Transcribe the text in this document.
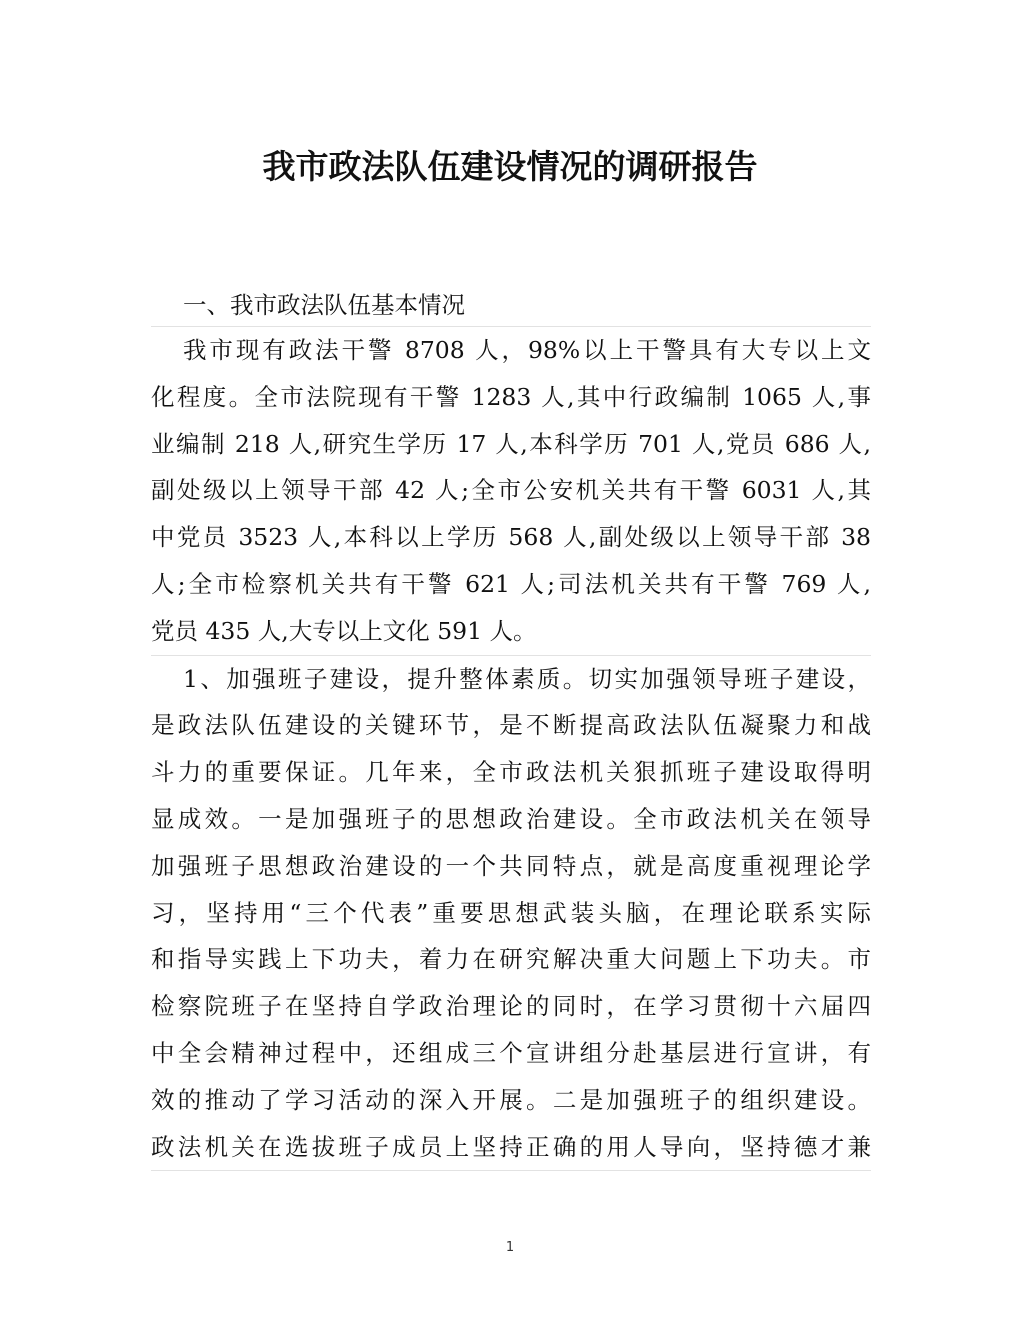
我市政法队伍建设情况的调研报告
一、我市政法队伍基本情况
我市现有政法干警 8708 人，98%以上干警具有大专以上文
化程度。全市法院现有干警 1283 人,其中行政编制 1065 人,事
业编制 218 人,研究生学历 17 人,本科学历 701 人,党员 686 人,
副处级以上领导干部 42 人;全市公安机关共有干警 6031 人,其
中党员 3523 人,本科以上学历 568 人,副处级以上领导干部 38
人;全市检察机关共有干警 621 人;司法机关共有干警 769 人,
党员 435 人,大专以上文化 591 人。
1、加强班子建设，提升整体素质。切实加强领导班子建设，
是政法队伍建设的关键环节，是不断提高政法队伍凝聚力和战
斗力的重要保证。几年来，全市政法机关狠抓班子建设取得明
显成效。一是加强班子的思想政治建设。全市政法机关在领导
加强班子思想政治建设的一个共同特点，就是高度重视理论学
习，坚持用“三个代表”重要思想武装头脑，在理论联系实际
和指导实践上下功夫，着力在研究解决重大问题上下功夫。市
检察院班子在坚持自学政治理论的同时，在学习贯彻十六届四
中全会精神过程中，还组成三个宣讲组分赴基层进行宣讲，有
效的推动了学习活动的深入开展。二是加强班子的组织建设。
政法机关在选拔班子成员上坚持正确的用人导向，坚持德才兼
1
